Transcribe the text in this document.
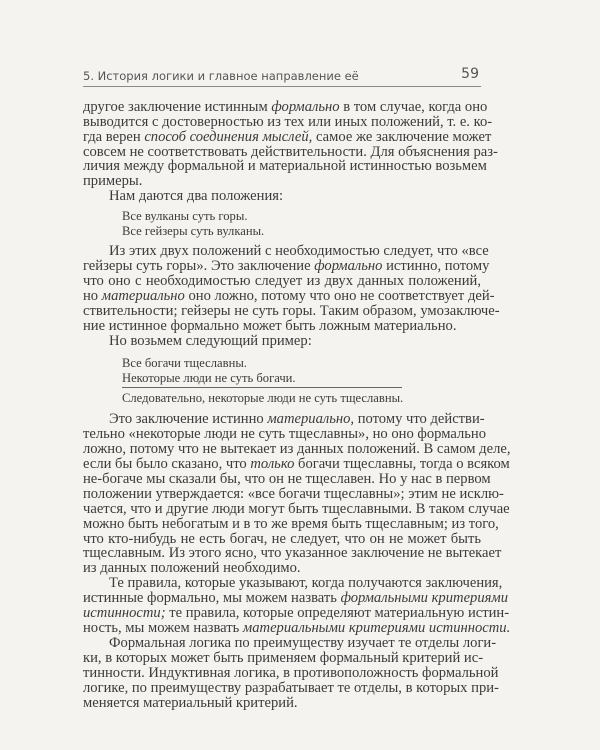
5. История логики и главное направление её	59
другое заключение истинным формально в том случае, когда оно
выводится с достоверностью из тех или иных положений, т. е. ко-
гда верен способ соединения мыслей, самое же заключение может
совсем не соответствовать действительности. Для объяснения раз-
личия между формальной и материальной истинностью возьмем
примеры.
Нам даются два положения:
Все вулканы суть горы.
Все гейзеры суть вулканы.
Из этих двух положений с необходимостью следует, что «все
гейзеры суть горы». Это заключение формально истинно, потому
что оно с необходимостью следует из двух данных положений,
но материально оно ложно, потому что оно не соответствует дей-
ствительности; гейзеры не суть горы. Таким образом, умозаключе-
ние истинное формально может быть ложным материально.
Но возьмем следующий пример:
Все богачи тщеславны.
Некоторые люди не суть богачи.
Следовательно, некоторые люди не суть тщеславны.
Это заключение истинно материально, потому что действи-
тельно «некоторые люди не суть тщеславны», но оно формально
ложно, потому что не вытекает из данных положений. В самом деле,
если бы было сказано, что только богачи тщеславны, тогда о всяком
не-богаче мы сказали бы, что он не тщеславен. Но у нас в первом
положении утверждается: «все богачи тщеславны»; этим не исклю-
чается, что и другие люди могут быть тщеславными. В таком случае
можно быть небогатым и в то же время быть тщеславным; из того,
что кто-нибудь не есть богач, не следует, что он не может быть
тщеславным. Из этого ясно, что указанное заключение не вытекает
из данных положений необходимо.
Те правила, которые указывают, когда получаются заключения,
истинные формально, мы можем назвать формальными критериями
истинности; те правила, которые определяют материальную истин-
ность, мы можем назвать материальными критериями истинности.
Формальная логика по преимуществу изучает те отделы логи-
ки, в которых может быть применяем формальный критерий ис-
тинности. Индуктивная логика, в противоположность формальной
логике, по преимуществу разрабатывает те отделы, в которых при-
меняется материальный критерий.
